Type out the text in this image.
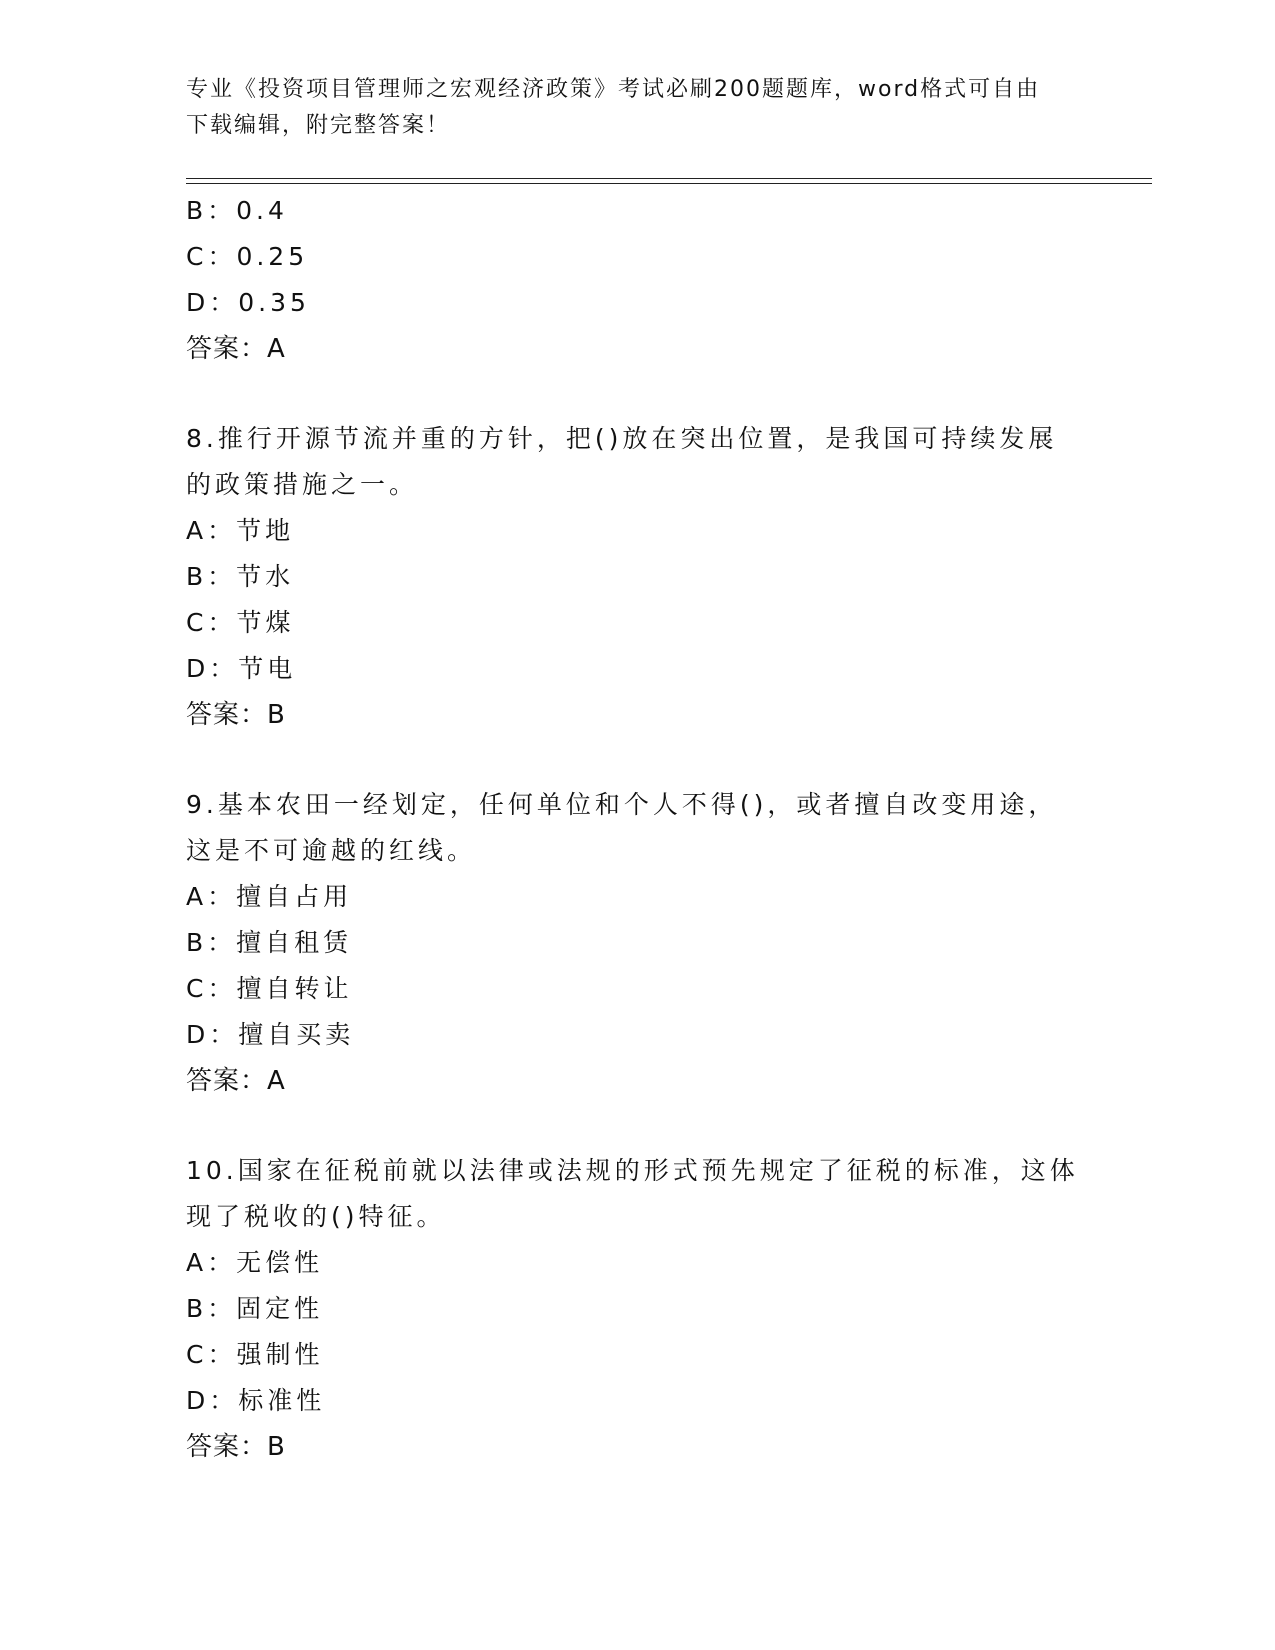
专业《投资项目管理师之宏观经济政策》考试必刷200题题库，word格式可自由
下载编辑，附完整答案！
B：0.4
C：0.25
D：0.35
答案：A
8.推行开源节流并重的方针，把()放在突出位置，是我国可持续发展
的政策措施之一。
A：节地
B：节水
C：节煤
D：节电
答案：B
9.基本农田一经划定，任何单位和个人不得()，或者擅自改变用途，
这是不可逾越的红线。
A：擅自占用
B：擅自租赁
C：擅自转让
D：擅自买卖
答案：A
10.国家在征税前就以法律或法规的形式预先规定了征税的标准，这体
现了税收的()特征。
A：无偿性
B：固定性
C：强制性
D：标准性
答案：B
